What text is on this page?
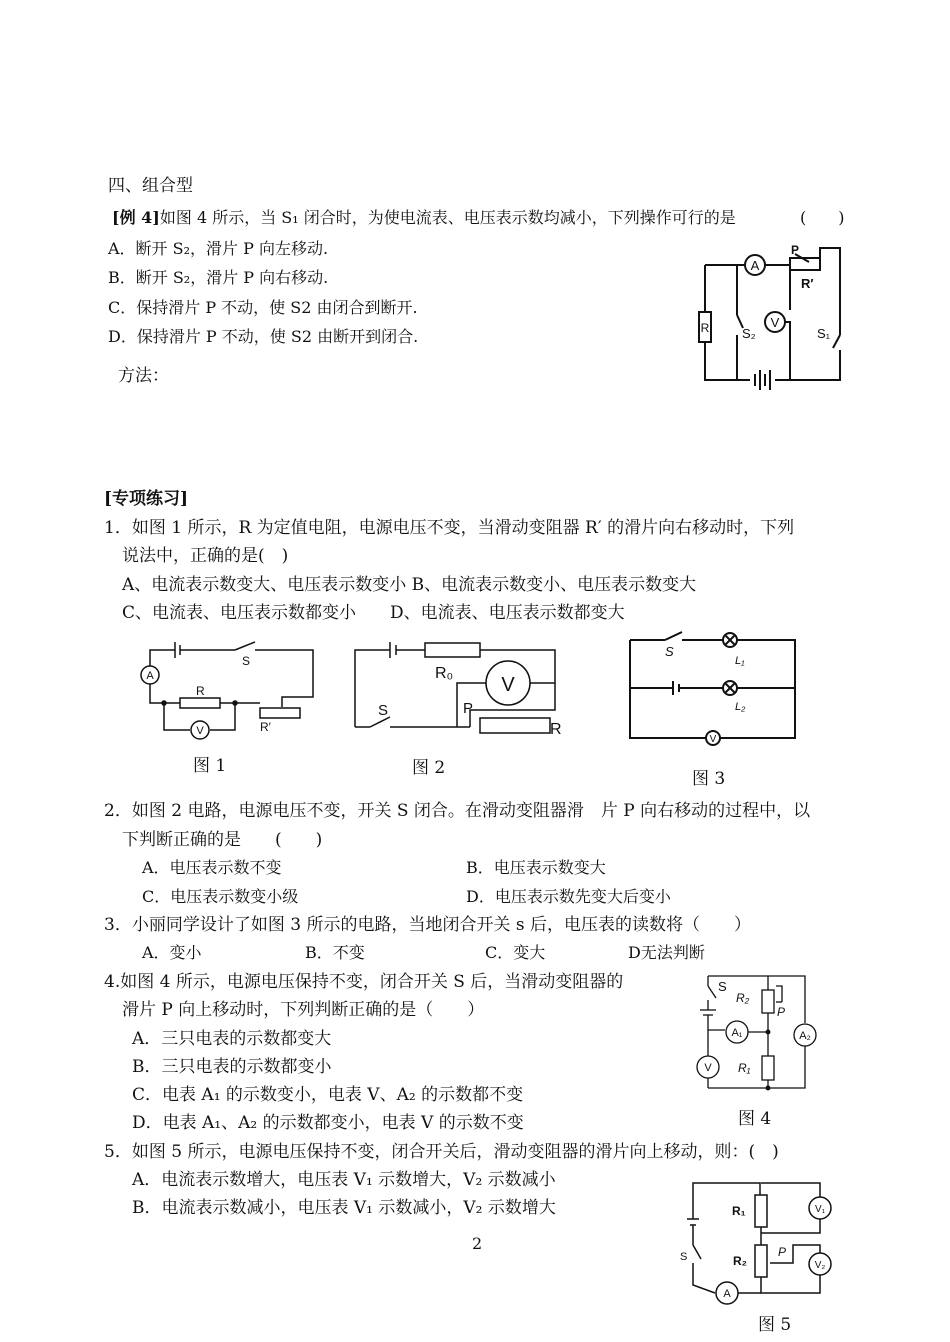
四、组合型
[例 4]如图 4 所示，当 S₁ 闭合时，为使电流表、电压表示数均减小，下列操作可行的是	(　　)
A．断开 S₂，滑片 P 向左移动.
B．断开 S₂，滑片 P 向右移动.
C．保持滑片 P 不动，使 S2 由闭合到断开.
D．保持滑片 P 不动，使 S2 由断开到闭合.
方法：
A
V
P
R′
R	S₂	S₁
[专项练习]
1．如图 1 所示，R 为定值电阻，电源电压不变，当滑动变阻器 R′ 的滑片向右移动时，下列
说法中，正确的是(　)
A、电流表示数变大、电压表示数变小 B、电流表示数变小、电压表示数变大
C、电流表、电压表示数都变小　　D、电流表、电压表示数都变大
A
V
S
R
R′
图 1
R₀
V
P
R
S
图 2
S
L₁
L₂
V
图 3
2．如图 2 电路，电源电压不变，开关 S 闭合。在滑动变阻器滑　片 P 向右移动的过程中，以
下判断正确的是　　(　　)
A．电压表示数不变	B．电压表示数变大
C．电压表示数变小级	D．电压表示数先变大后变小
3．小丽同学设计了如图 3 所示的电路，当地闭合开关 s 后，电压表的读数将（　　）
A．变小	B．不变	C．变大	D无法判断
4.如图 4 所示，电源电压保持不变，闭合开关 S 后，当滑动变阻器的
滑片 P 向上移动时，下列判断正确的是（　　）
A．三只电表的示数都变大
B．三只电表的示数都变小
C．电表 A₁ 的示数变小，电表 V、A₂ 的示数都不变
D．电表 A₁、A₂ 的示数都变小，电表 V 的示数不变
S
R₂
P
A₁	A₂
V R₁
图 4
5．如图 5 所示，电源电压保持不变，闭合开关后，滑动变阻器的滑片向上移动，则：(　)
A．电流表示数增大，电压表 V₁ 示数增大，V₂ 示数减小
B．电流表示数减小，电压表 V₁ 示数减小，V₂ 示数增大	R₁	V₁
R₂
P
V₂
S
A
图 5
2
